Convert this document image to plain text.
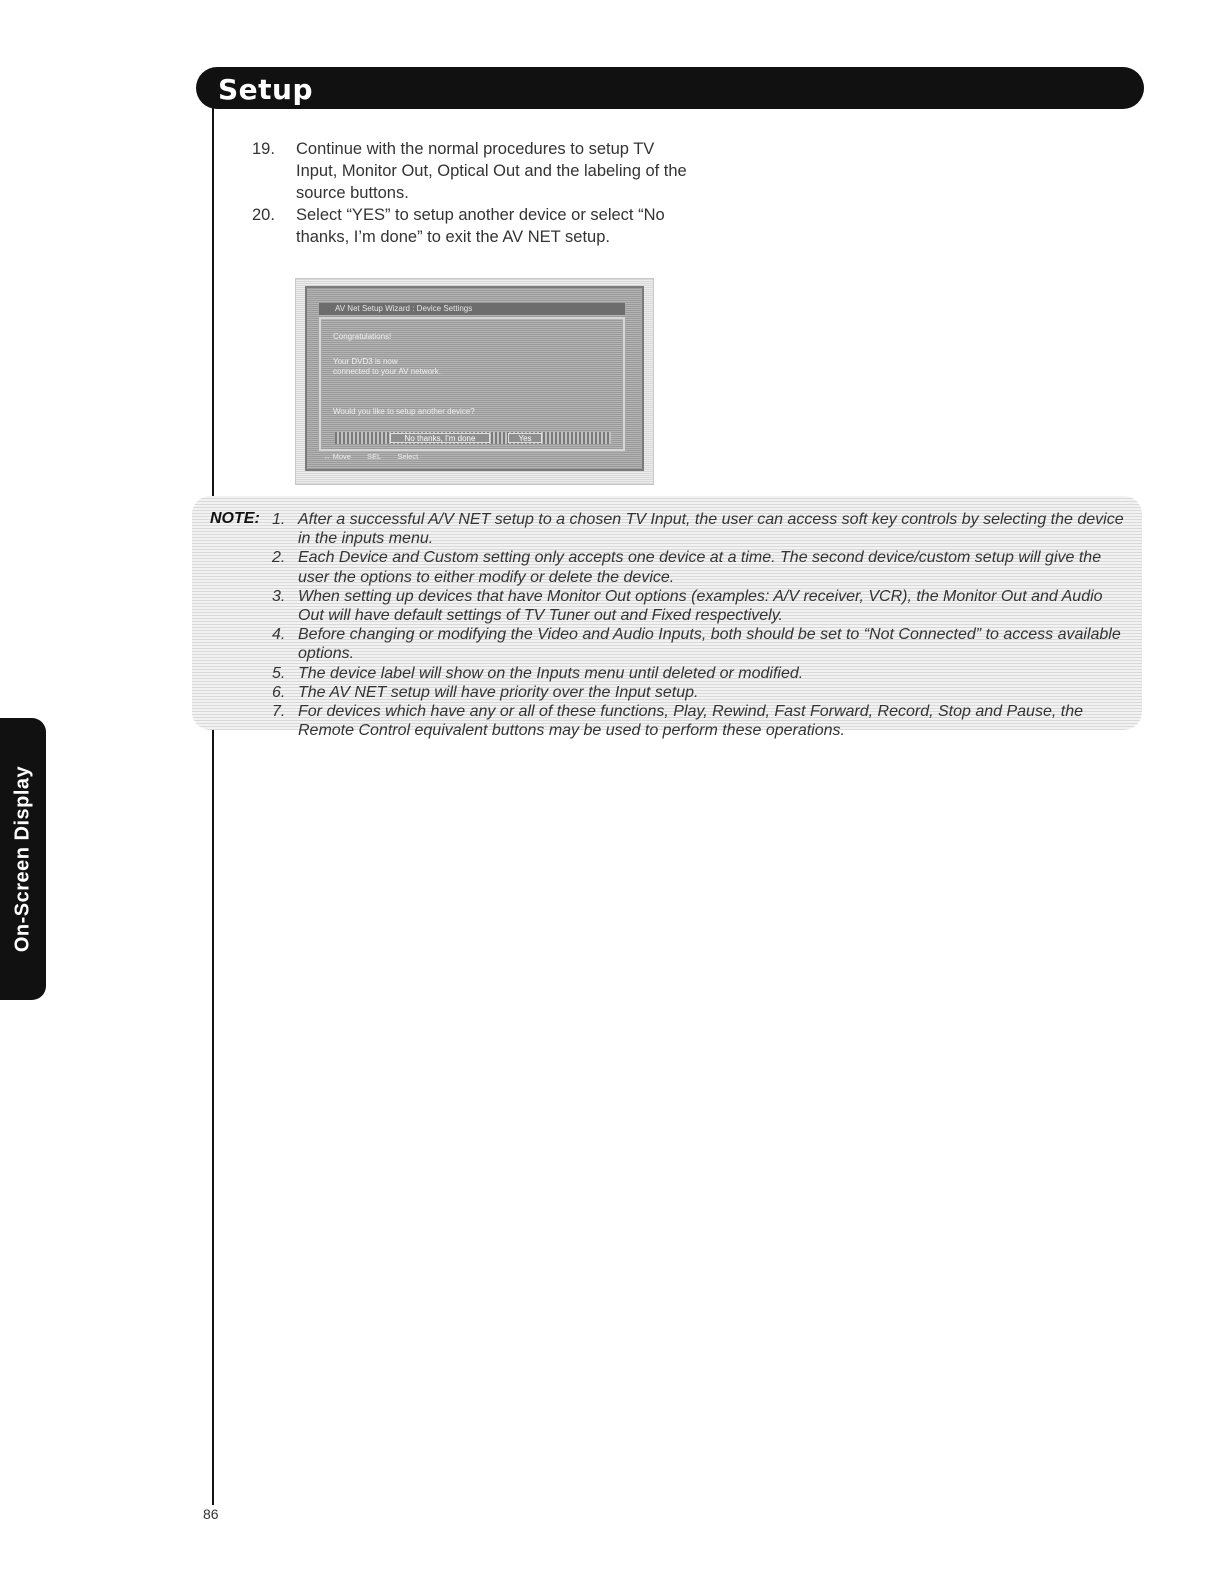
Setup
19.	Continue with the normal procedures to setup TV Input, Monitor Out, Optical Out and the labeling of the source buttons.
20.	Select “YES” to setup another device or select “No thanks, I’m done” to exit the AV NET setup.
AV Net Setup Wizard : Device Settings
Congratulations!
Your DVD3 is now
connected to your AV network.
Would you like to setup another device?
No thanks, I'm done	Yes
↔ Move SEL Select
NOTE: 1. After a successful A/V NET setup to a chosen TV Input, the user can access soft key controls by selecting the device in the inputs menu.
2. Each Device and Custom setting only accepts one device at a time. The second device/custom setup will give the user the options to either modify or delete the device.
3. When setting up devices that have Monitor Out options (examples: A/V receiver, VCR), the Monitor Out and Audio Out will have default settings of TV Tuner out and Fixed respectively.
4. Before changing or modifying the Video and Audio Inputs, both should be set to “Not Connected” to access available options.
5. The device label will show on the Inputs menu until deleted or modified.
6. The AV NET setup will have priority over the Input setup.
7. For devices which have any or all of these functions, Play, Rewind, Fast Forward, Record, Stop and Pause, the Remote Control equivalent buttons may be used to perform these operations.
On-Screen Display
86
